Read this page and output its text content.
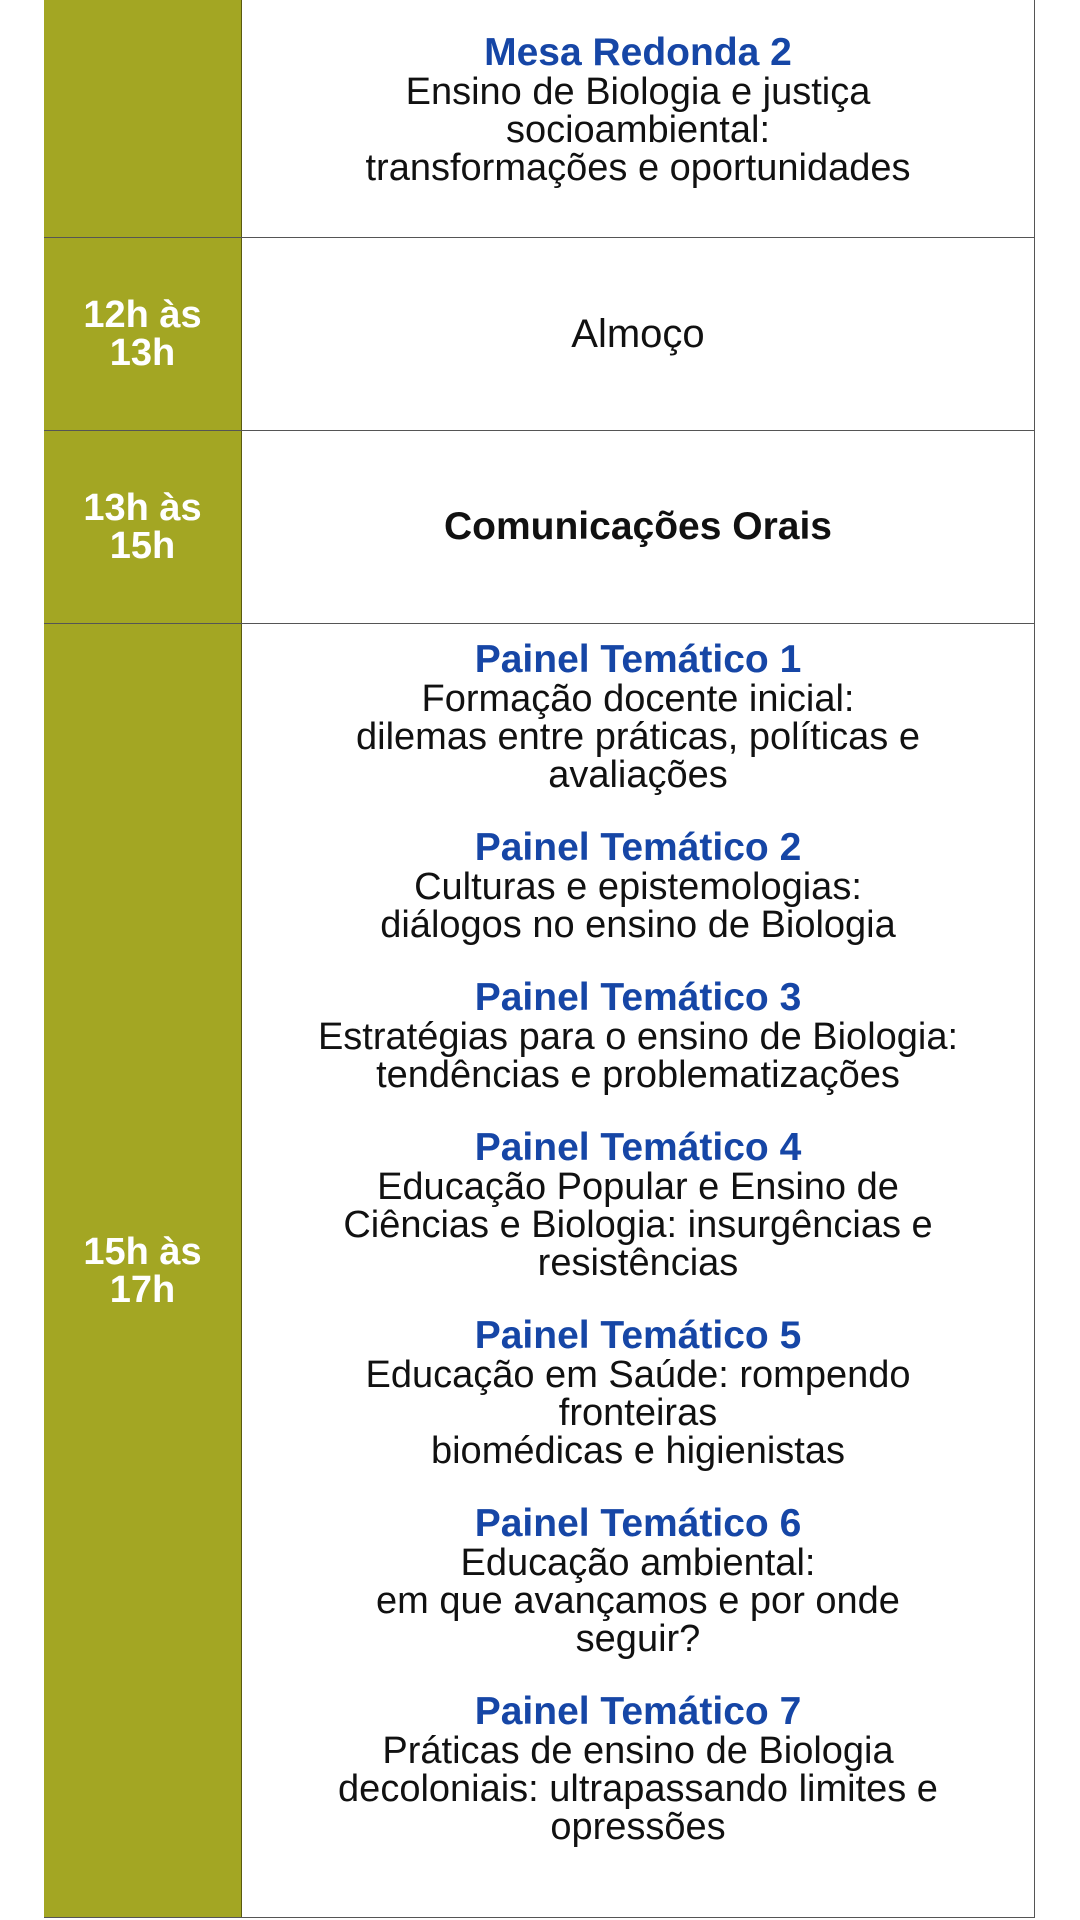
Mesa Redonda 2
Ensino de Biologia e justiça
socioambiental:
transformações e oportunidades
12h às
13h	Almoço
13h às
15h	Comunicações Orais
15h às
17h
Painel Temático 1
Formação docente inicial:
dilemas entre práticas, políticas e
avaliações
Painel Temático 2
Culturas e epistemologias:
diálogos no ensino de Biologia
Painel Temático 3
Estratégias para o ensino de Biologia:
tendências e problematizações
Painel Temático 4
Educação Popular e Ensino de
Ciências e Biologia: insurgências e
resistências
Painel Temático 5
Educação em Saúde: rompendo
fronteiras
biomédicas e higienistas
Painel Temático 6
Educação ambiental:
em que avançamos e por onde
seguir?
Painel Temático 7
Práticas de ensino de Biologia
decoloniais: ultrapassando limites e
opressões
